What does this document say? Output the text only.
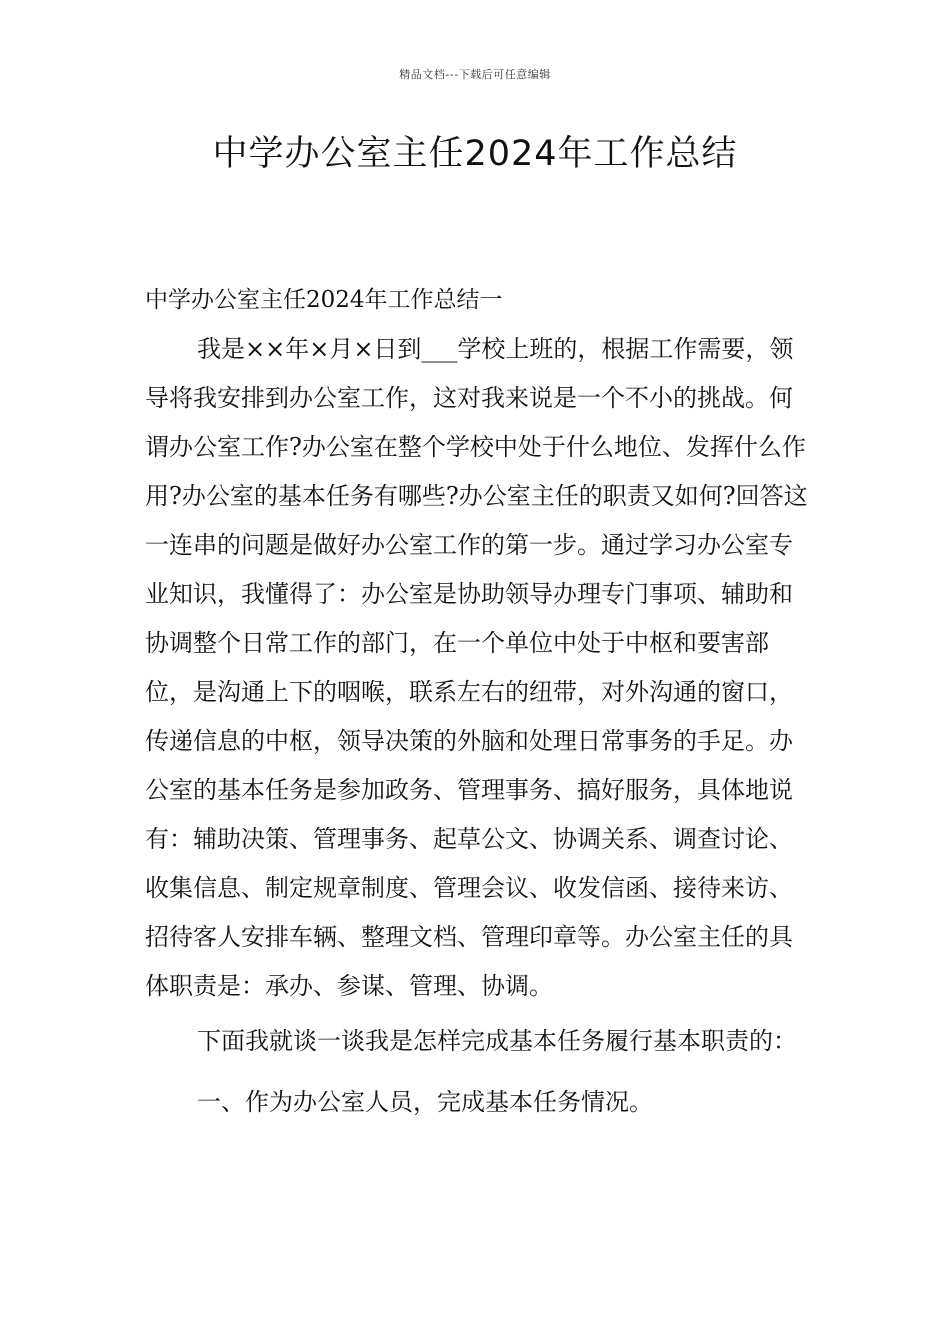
精品文档---下载后可任意编辑
中学办公室主任2024年工作总结

中学办公室主任2024年工作总结一

我是××年×月×日到___学校上班的，根据工作需要，领导将我安排到办公室工作，这对我来说是一个不小的挑战。何谓办公室工作?办公室在整个学校中处于什么地位、发挥什么作用?办公室的基本任务有哪些?办公室主任的职责又如何?回答这一连串的问题是做好办公室工作的第一步。通过学习办公室专业知识，我懂得了：办公室是协助领导办理专门事项、辅助和协调整个日常工作的部门，在一个单位中处于中枢和要害部位，是沟通上下的咽喉，联系左右的纽带，对外沟通的窗口，传递信息的中枢，领导决策的外脑和处理日常事务的手足。办公室的基本任务是参加政务、管理事务、搞好服务，具体地说有：辅助决策、管理事务、起草公文、协调关系、调查讨论、收集信息、制定规章制度、管理会议、收发信函、接待来访、招待客人安排车辆、整理文档、管理印章等。办公室主任的具体职责是：承办、参谋、管理、协调。

下面我就谈一谈我是怎样完成基本任务履行基本职责的：

一、作为办公室人员，完成基本任务情况。
